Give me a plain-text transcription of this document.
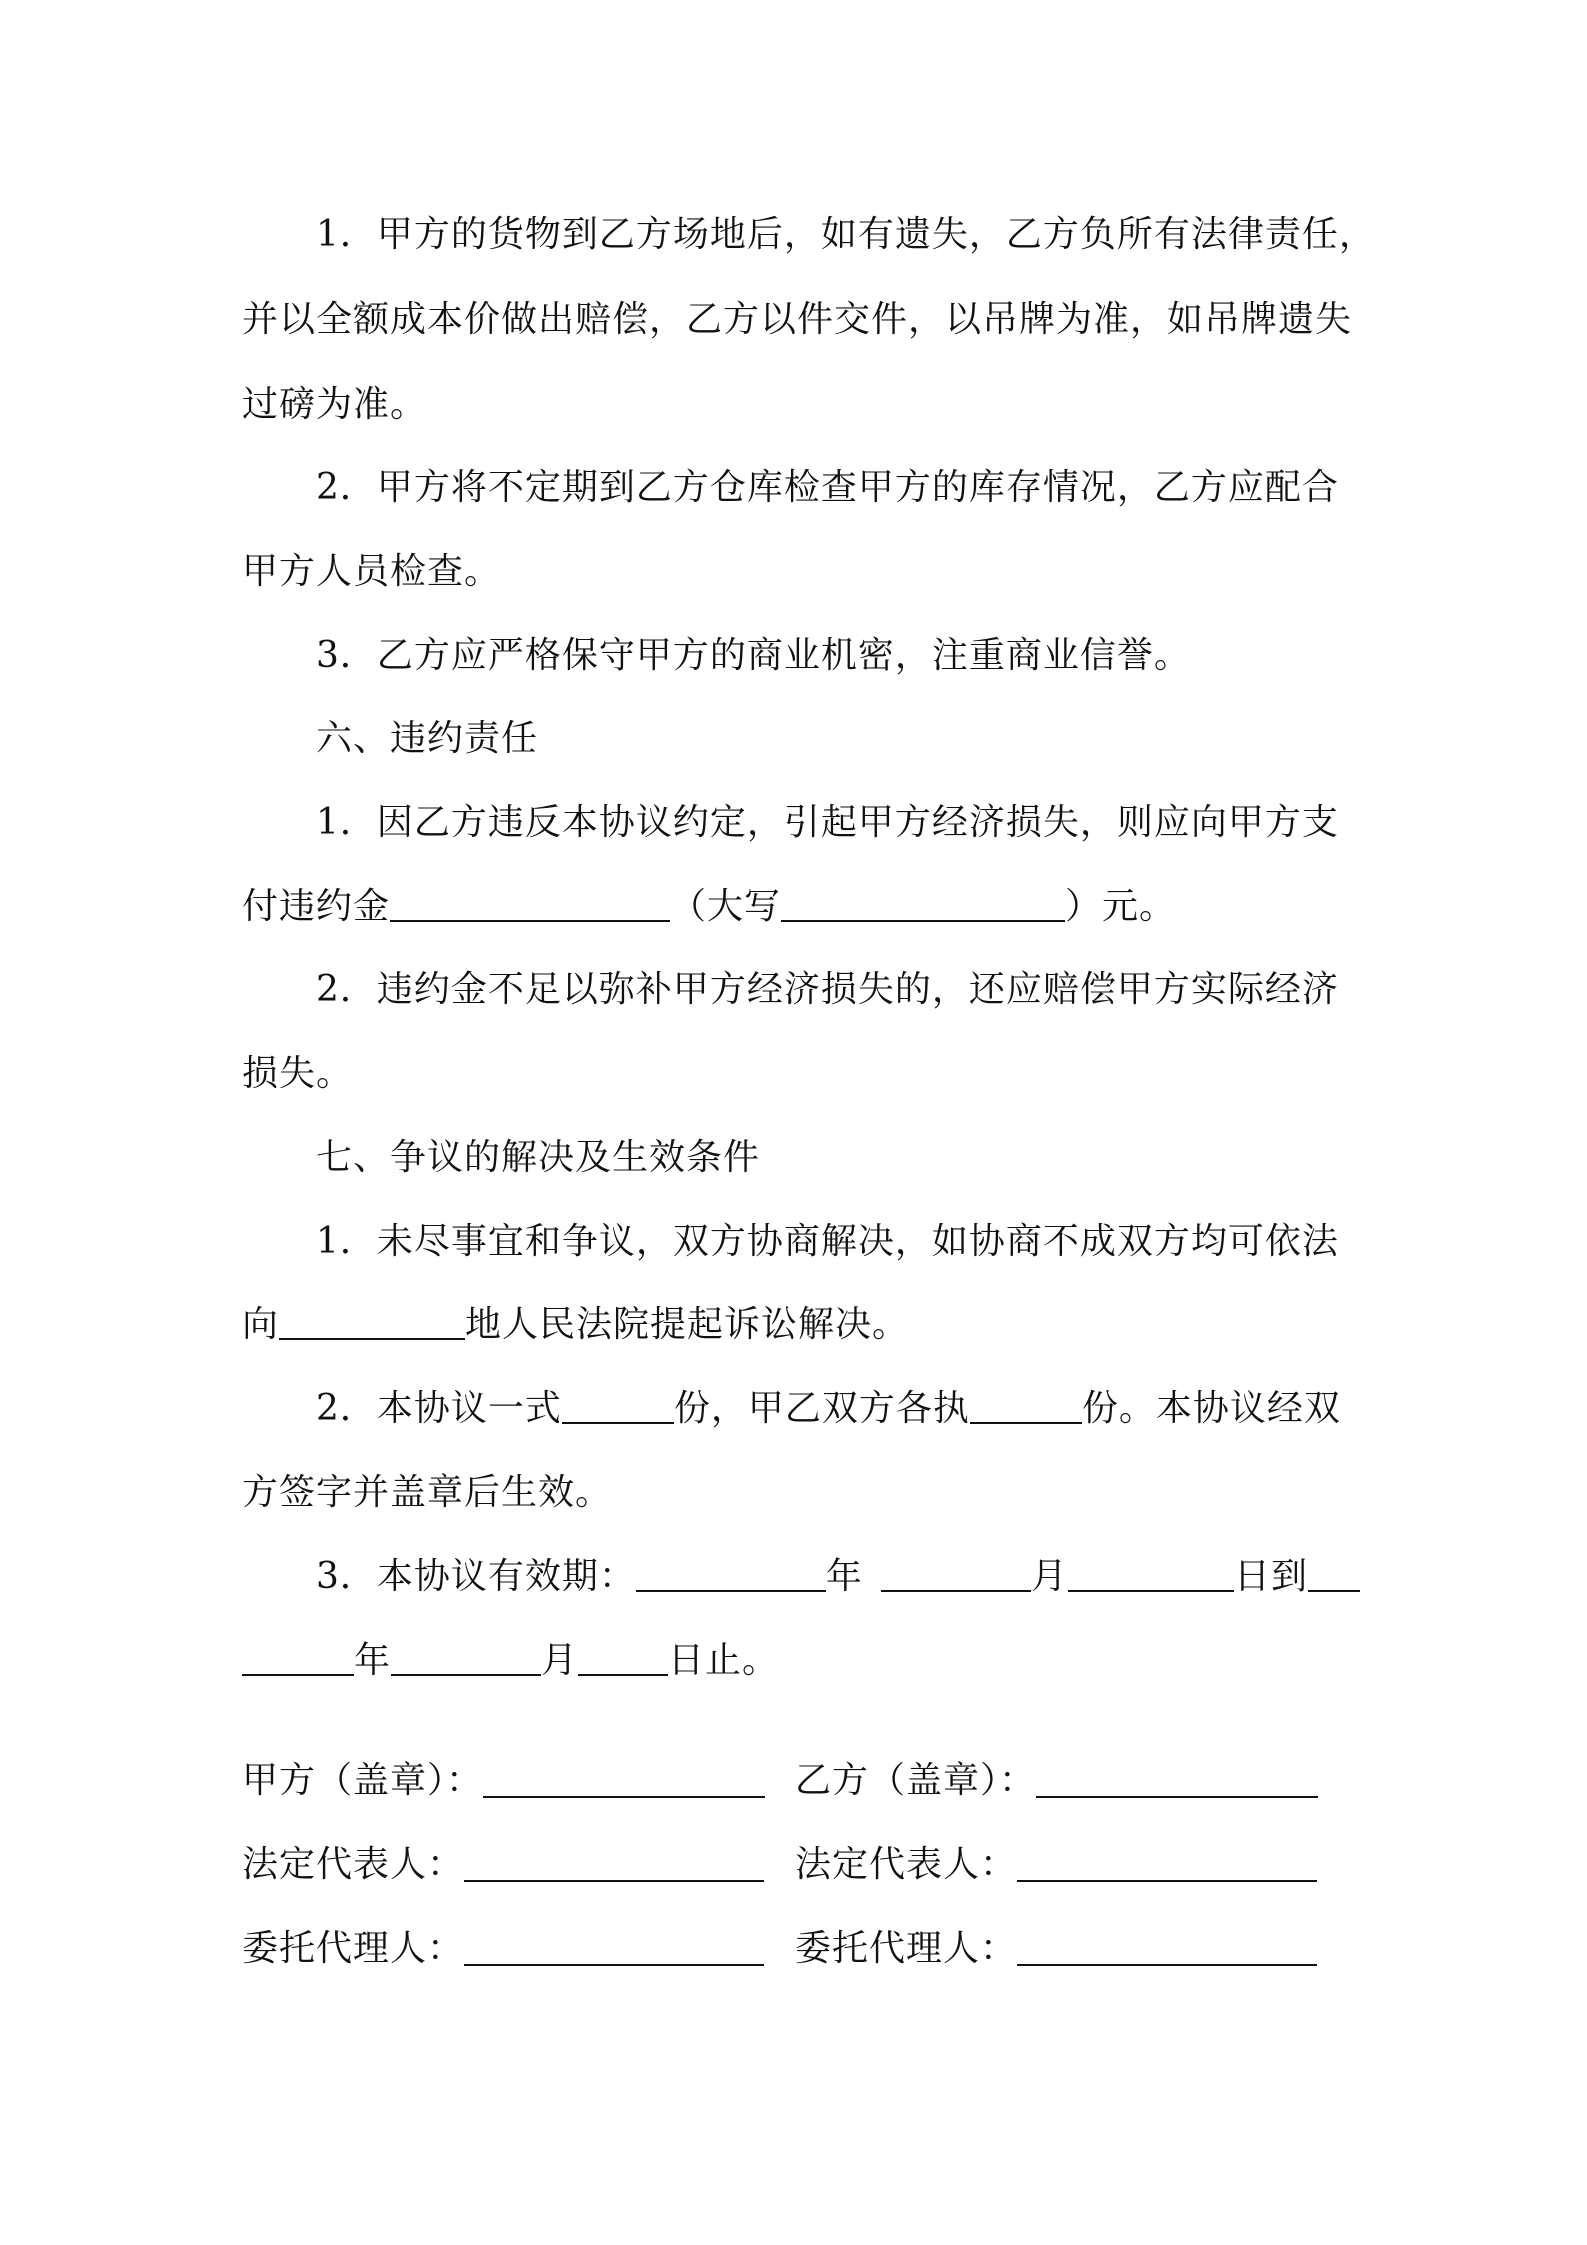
1．甲方的货物到乙方场地后，如有遗失，乙方负所有法律责任，
并以全额成本价做出赔偿，乙方以件交件，以吊牌为准，如吊牌遗失
过磅为准。
2．甲方将不定期到乙方仓库检查甲方的库存情况，乙方应配合
甲方人员检查。
3．乙方应严格保守甲方的商业机密，注重商业信誉。
六、违约责任
1．因乙方违反本协议约定，引起甲方经济损失，则应向甲方支
付违约金	（大写	）元。
2．违约金不足以弥补甲方经济损失的，还应赔偿甲方实际经济
损失。
七、争议的解决及生效条件
1．未尽事宜和争议，双方协商解决，如协商不成双方均可依法
向	地人民法院提起诉讼解决。
2．本协议一式	份，甲乙双方各执	份。本协议经双
方签字并盖章后生效。
3．本协议有效期：	年	月	日到
年	月	日止。
甲方（盖章）：	乙方（盖章）：
法定代表人：	法定代表人：
委托代理人：	委托代理人：
